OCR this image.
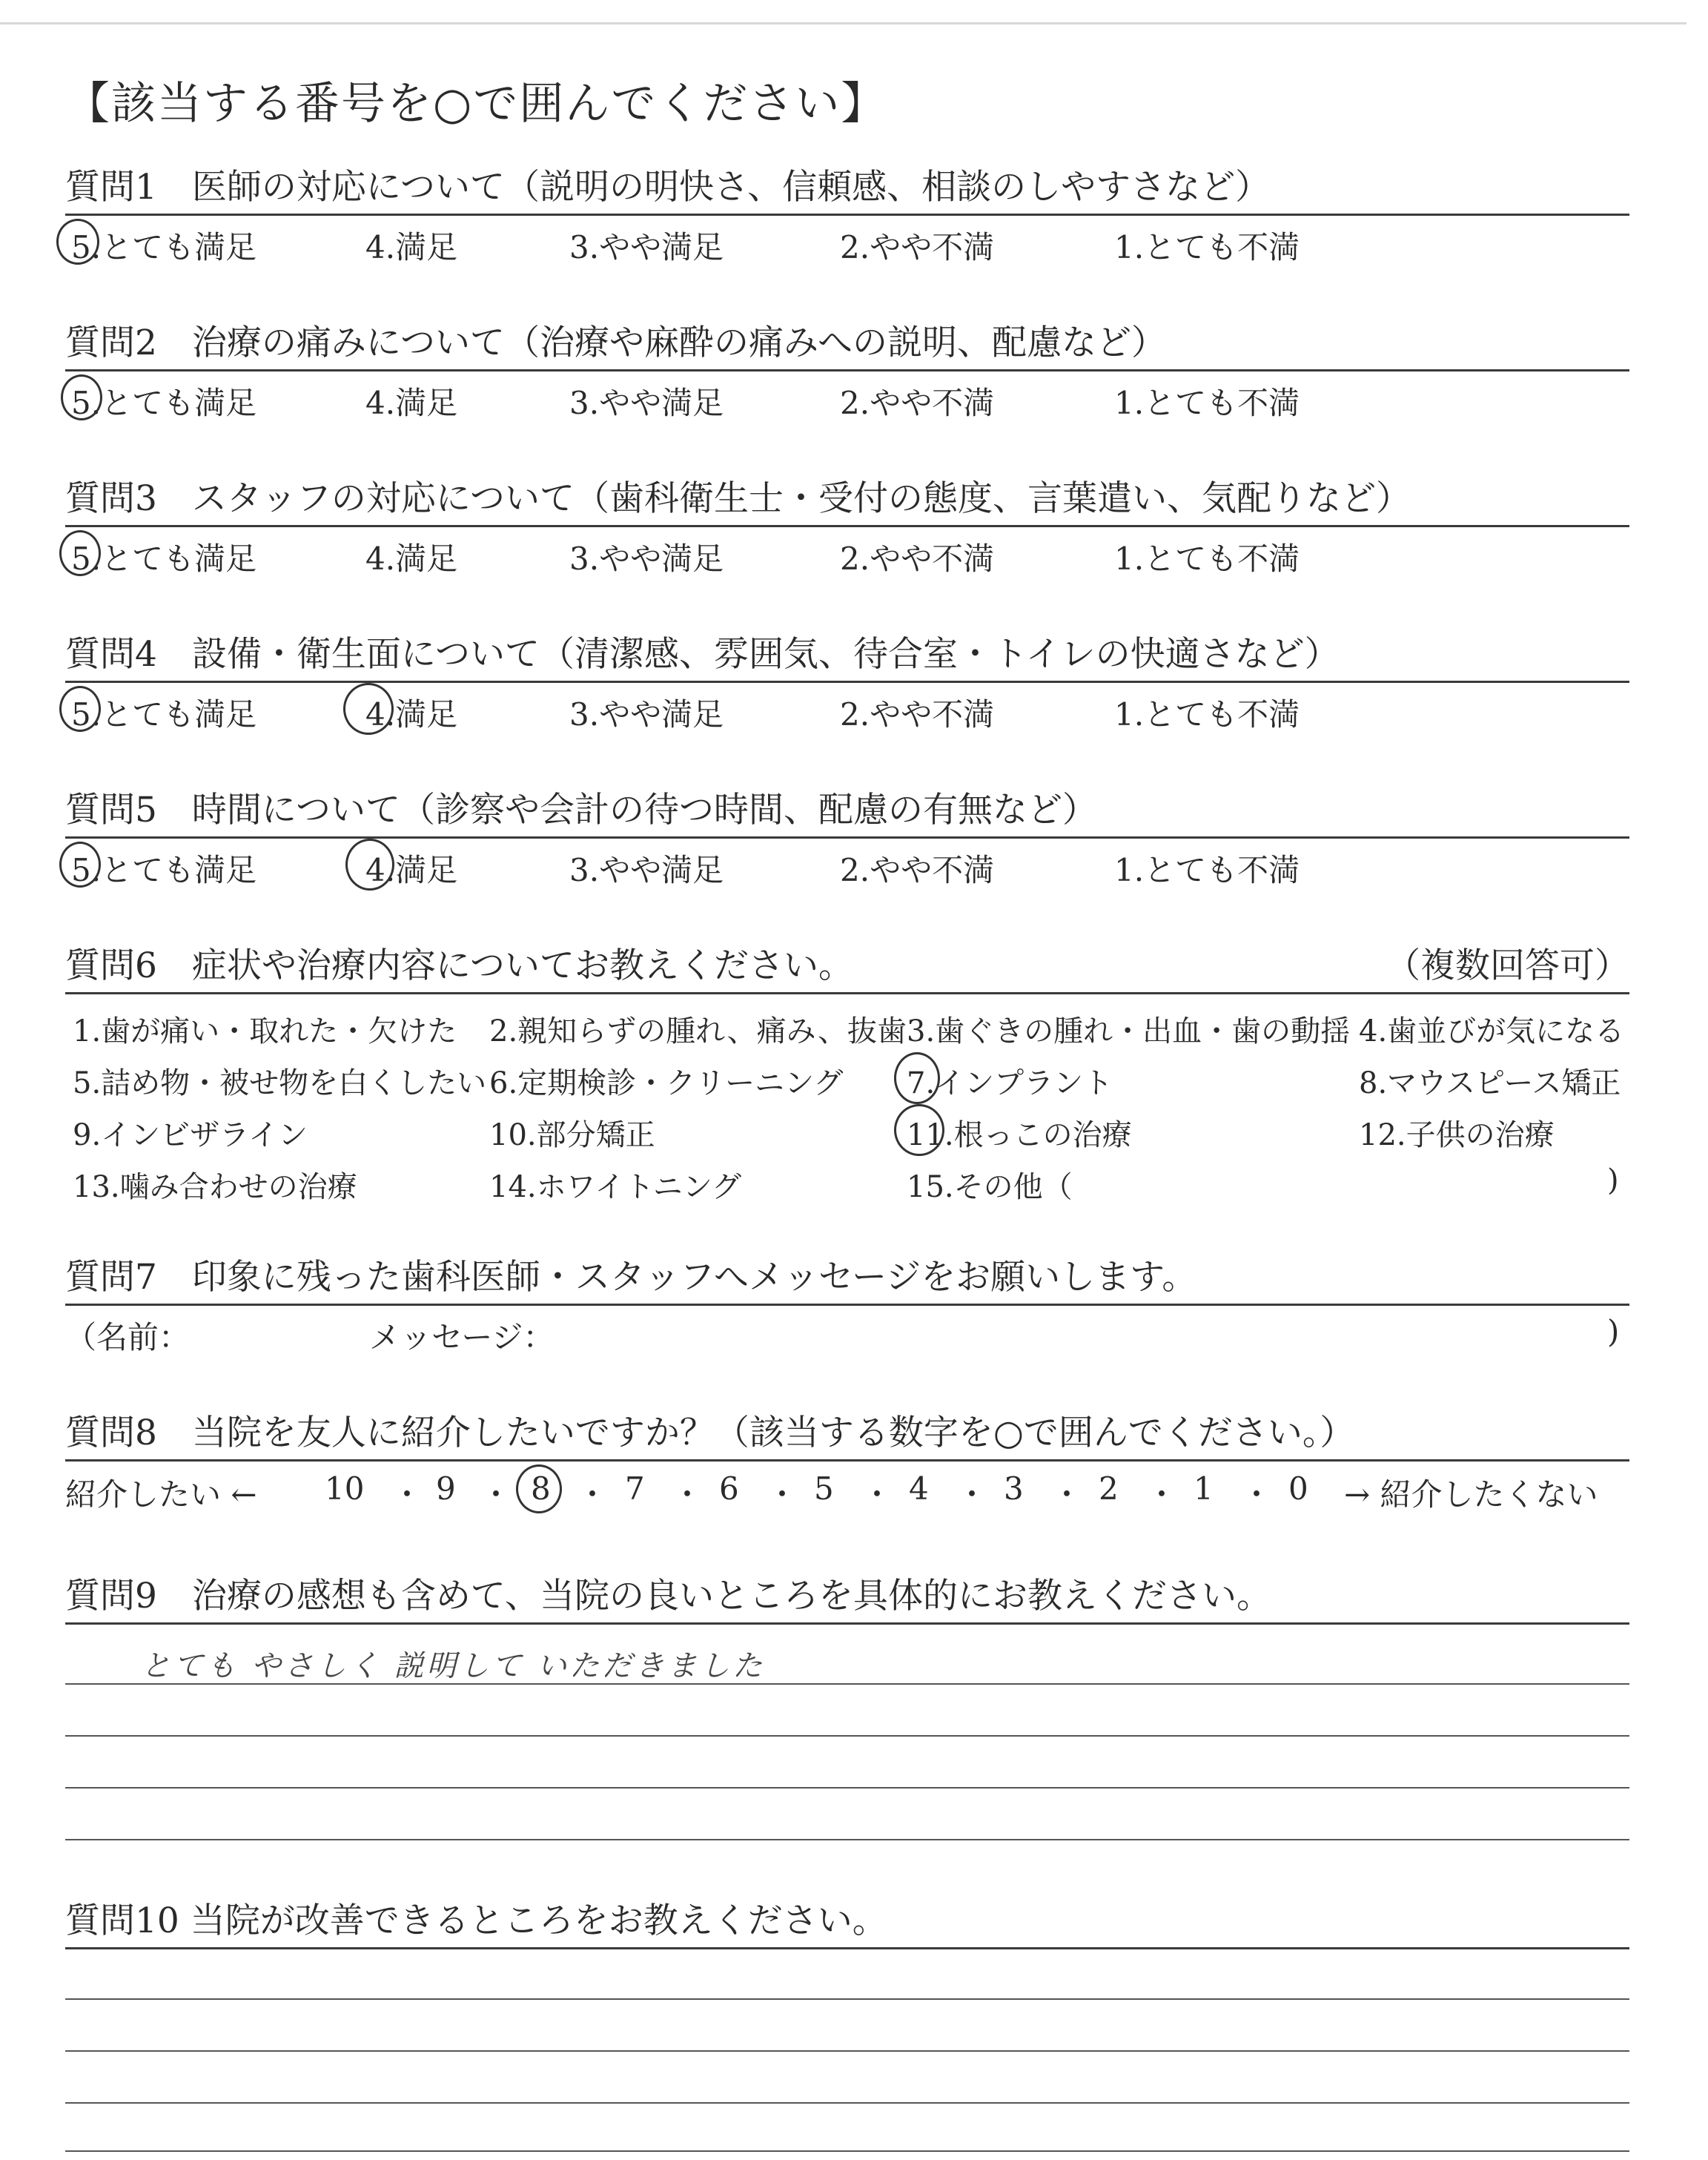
【該当する番号を○で囲んでください】
質問1　医師の対応について（説明の明快さ、信頼感、相談のしやすさなど）
5.とても満足	4.満足	3.やや満足	2.やや不満	1.とても不満
質問2　治療の痛みについて（治療や麻酔の痛みへの説明、配慮など）
5.とても満足	4.満足	3.やや満足	2.やや不満	1.とても不満
質問3　スタッフの対応について（歯科衛生士・受付の態度、言葉遣い、気配りなど）
5.とても満足	4.満足	3.やや満足	2.やや不満	1.とても不満
質問4　設備・衛生面について（清潔感、雰囲気、待合室・トイレの快適さなど）
5.とても満足	4.満足	3.やや満足	2.やや不満	1.とても不満
質問5　時間について（診察や会計の待つ時間、配慮の有無など）
5.とても満足	4.満足	3.やや満足	2.やや不満	1.とても不満
質問6　症状や治療内容についてお教えください。	（複数回答可）
1.歯が痛い・取れた・欠けた 2.親知らずの腫れ、痛み、抜歯 3.歯ぐきの腫れ・出血・歯の動揺 4.歯並びが気になる
5.詰め物・被せ物を白くしたい 6.定期検診・クリーニング 7.インプラント	8.マウスピース矯正
9.インビザライン	10.部分矯正	11.根っこの治療	12.子供の治療
13.噛み合わせの治療	14.ホワイトニング	15.その他（	)
質問7　印象に残った歯科医師・スタッフへメッセージをお願いします。
（名前：	メッセージ：	)
質問8　当院を友人に紹介したいですか？（該当する数字を○で囲んでください。）
紹介したい ← 10 ・ 9 ・ 8 ・ 7 ・ 6 ・ 5 ・ 4 ・ 3 ・ 2 ・ 1 ・ 0 → 紹介したくない
質問9　治療の感想も含めて、当院の良いところを具体的にお教えください。
とても やさしく 説明して いただきました
質問10 当院が改善できるところをお教えください。
